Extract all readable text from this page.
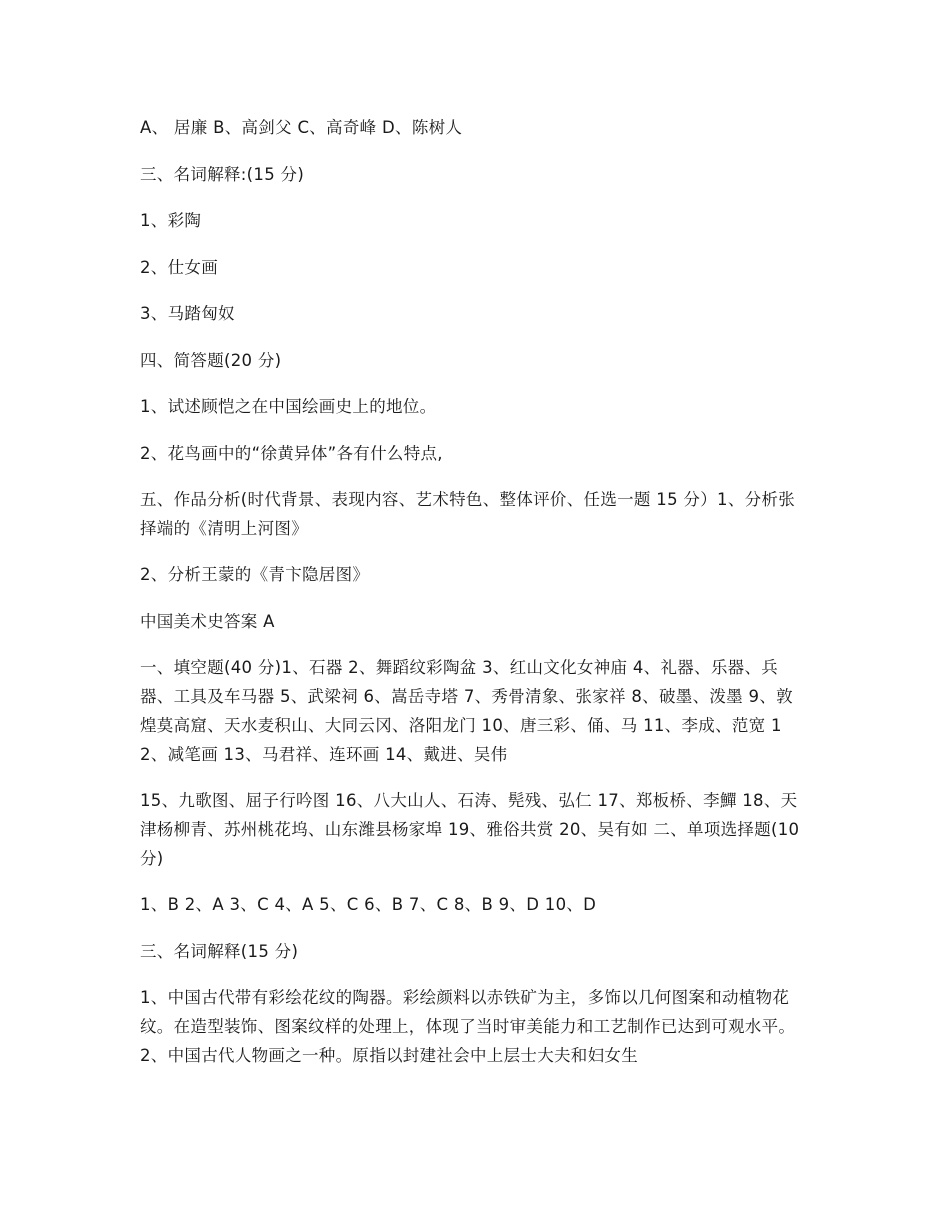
A、 居廉 B、高剑父 C、高奇峰 D、陈树人

三、名词解释:(15 分)

1、彩陶

2、仕女画

3、马踏匈奴

四、简答题(20 分)

1、试述顾恺之在中国绘画史上的地位。

2、花鸟画中的“徐黄异体”各有什么特点,

五、作品分析(时代背景、表现内容、艺术特色、整体评价、任选一题 15 分）1、分析张择端的《清明上河图》

2、分析王蒙的《青卞隐居图》

中国美术史答案 A

一、填空题(40 分)1、石器 2、舞蹈纹彩陶盆 3、红山文化女神庙 4、礼器、乐器、兵器、工具及车马器 5、武梁祠 6、嵩岳寺塔 7、秀骨清象、张家祥 8、破墨、泼墨 9、敦煌莫高窟、天水麦积山、大同云冈、洛阳龙门 10、唐三彩、俑、马 11、李成、范宽 12、减笔画 13、马君祥、连环画 14、戴进、吴伟

15、九歌图、屈子行吟图 16、八大山人、石涛、髡残、弘仁 17、郑板桥、李鱓 18、天津杨柳青、苏州桃花坞、山东潍县杨家埠 19、雅俗共赏 20、吴有如 二、单项选择题(10 分)

1、B 2、A 3、C 4、A 5、C 6、B 7、C 8、B 9、D 10、D

三、名词解释(15 分)

1、中国古代带有彩绘花纹的陶器。彩绘颜料以赤铁矿为主，多饰以几何图案和动植物花纹。在造型装饰、图案纹样的处理上，体现了当时审美能力和工艺制作已达到可观水平。 2、中国古代人物画之一种。原指以封建社会中上层士大夫和妇女生
